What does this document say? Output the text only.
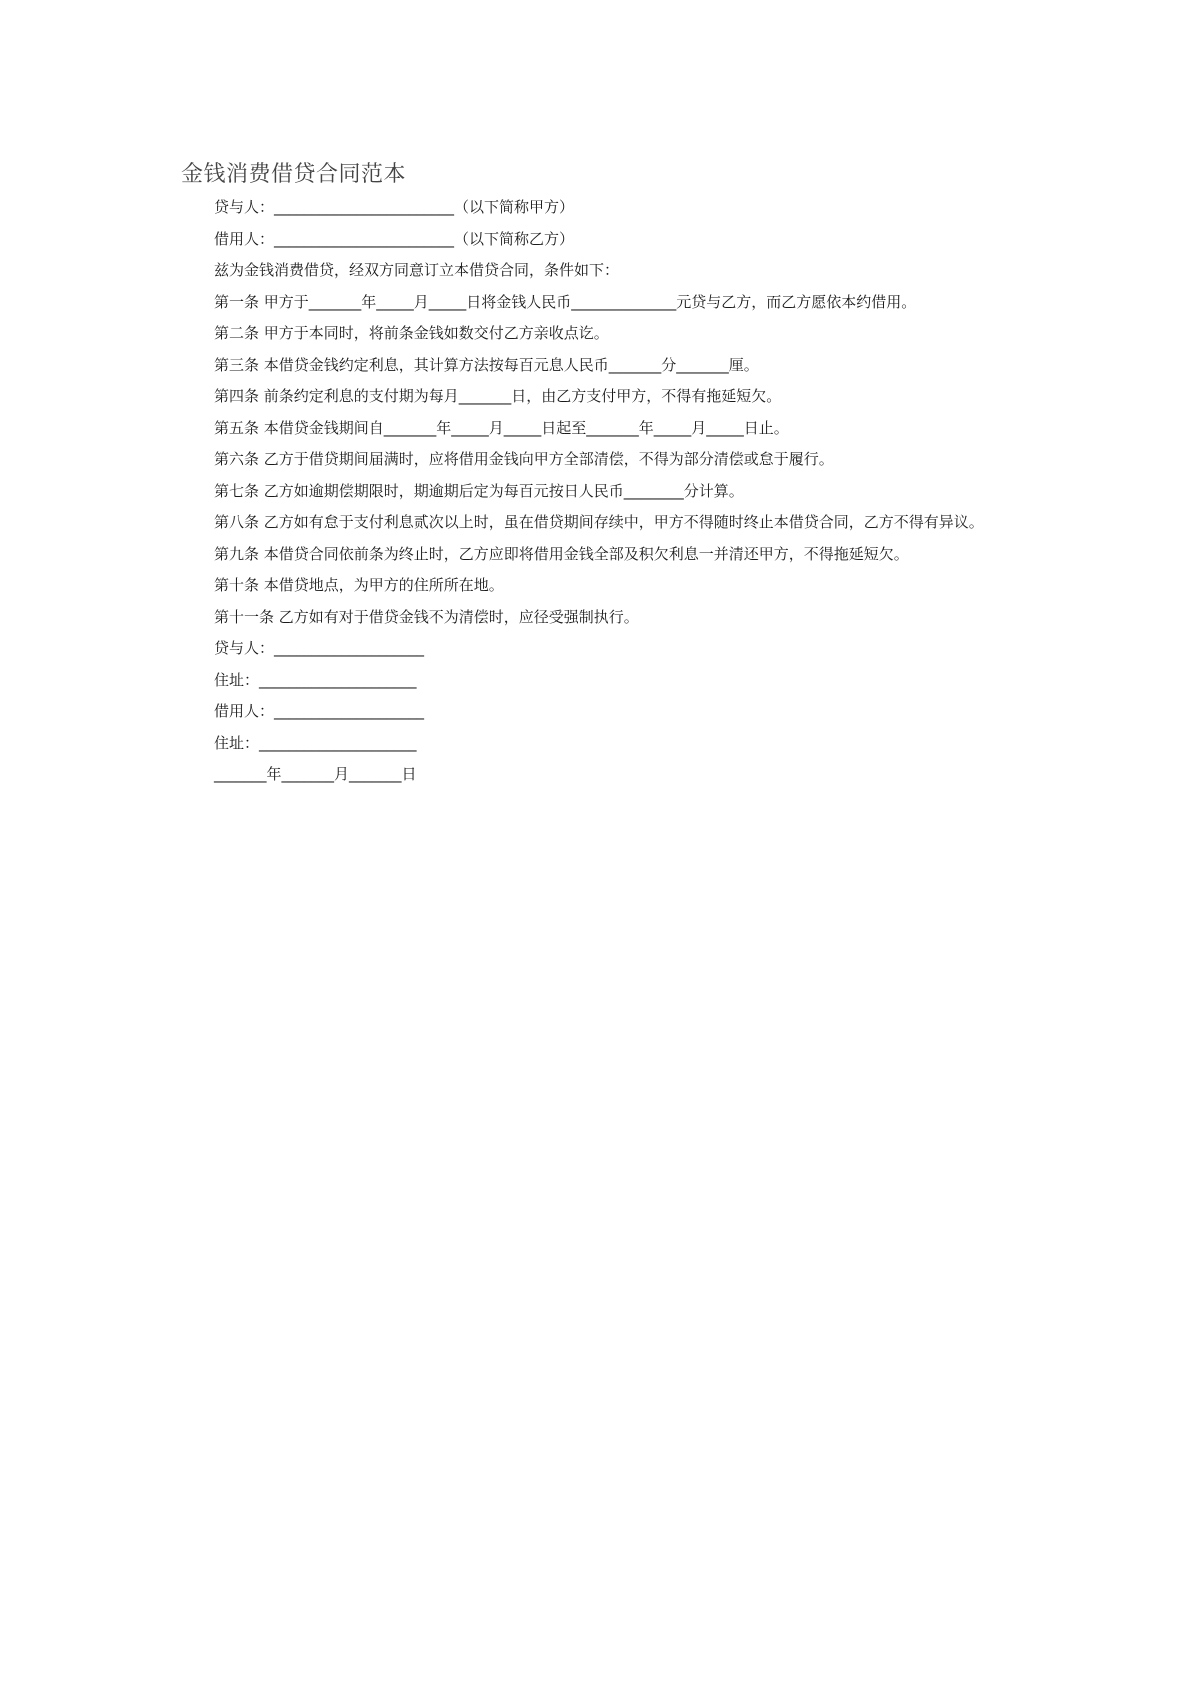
金钱消费借贷合同范本

贷与人：________________________（以下简称甲方）

借用人：________________________（以下简称乙方）

兹为金钱消费借贷，经双方同意订立本借贷合同，条件如下：

第一条 甲方于_______年_____月_____日将金钱人民币______________元贷与乙方，而乙方愿依本约借用。

第二条 甲方于本同时，将前条金钱如数交付乙方亲收点讫。

第三条 本借贷金钱约定利息，其计算方法按每百元息人民币_______分_______厘。

第四条 前条约定利息的支付期为每月_______日，由乙方支付甲方，不得有拖延短欠。

第五条 本借贷金钱期间自_______年_____月_____日起至_______年_____月_____日止。

第六条 乙方于借贷期间届满时，应将借用金钱向甲方全部清偿，不得为部分清偿或怠于履行。

第七条 乙方如逾期偿期限时，期逾期后定为每百元按日人民币________分计算。

第八条 乙方如有怠于支付利息贰次以上时，虽在借贷期间存续中，甲方不得随时终止本借贷合同，乙方不得有异议。

第九条 本借贷合同依前条为终止时，乙方应即将借用金钱全部及积欠利息一并清还甲方，不得拖延短欠。

第十条 本借贷地点，为甲方的住所所在地。

第十一条 乙方如有对于借贷金钱不为清偿时，应径受强制执行。

贷与人：____________________

住址：_____________________

借用人：____________________

住址：_____________________

_______年_______月_______日
